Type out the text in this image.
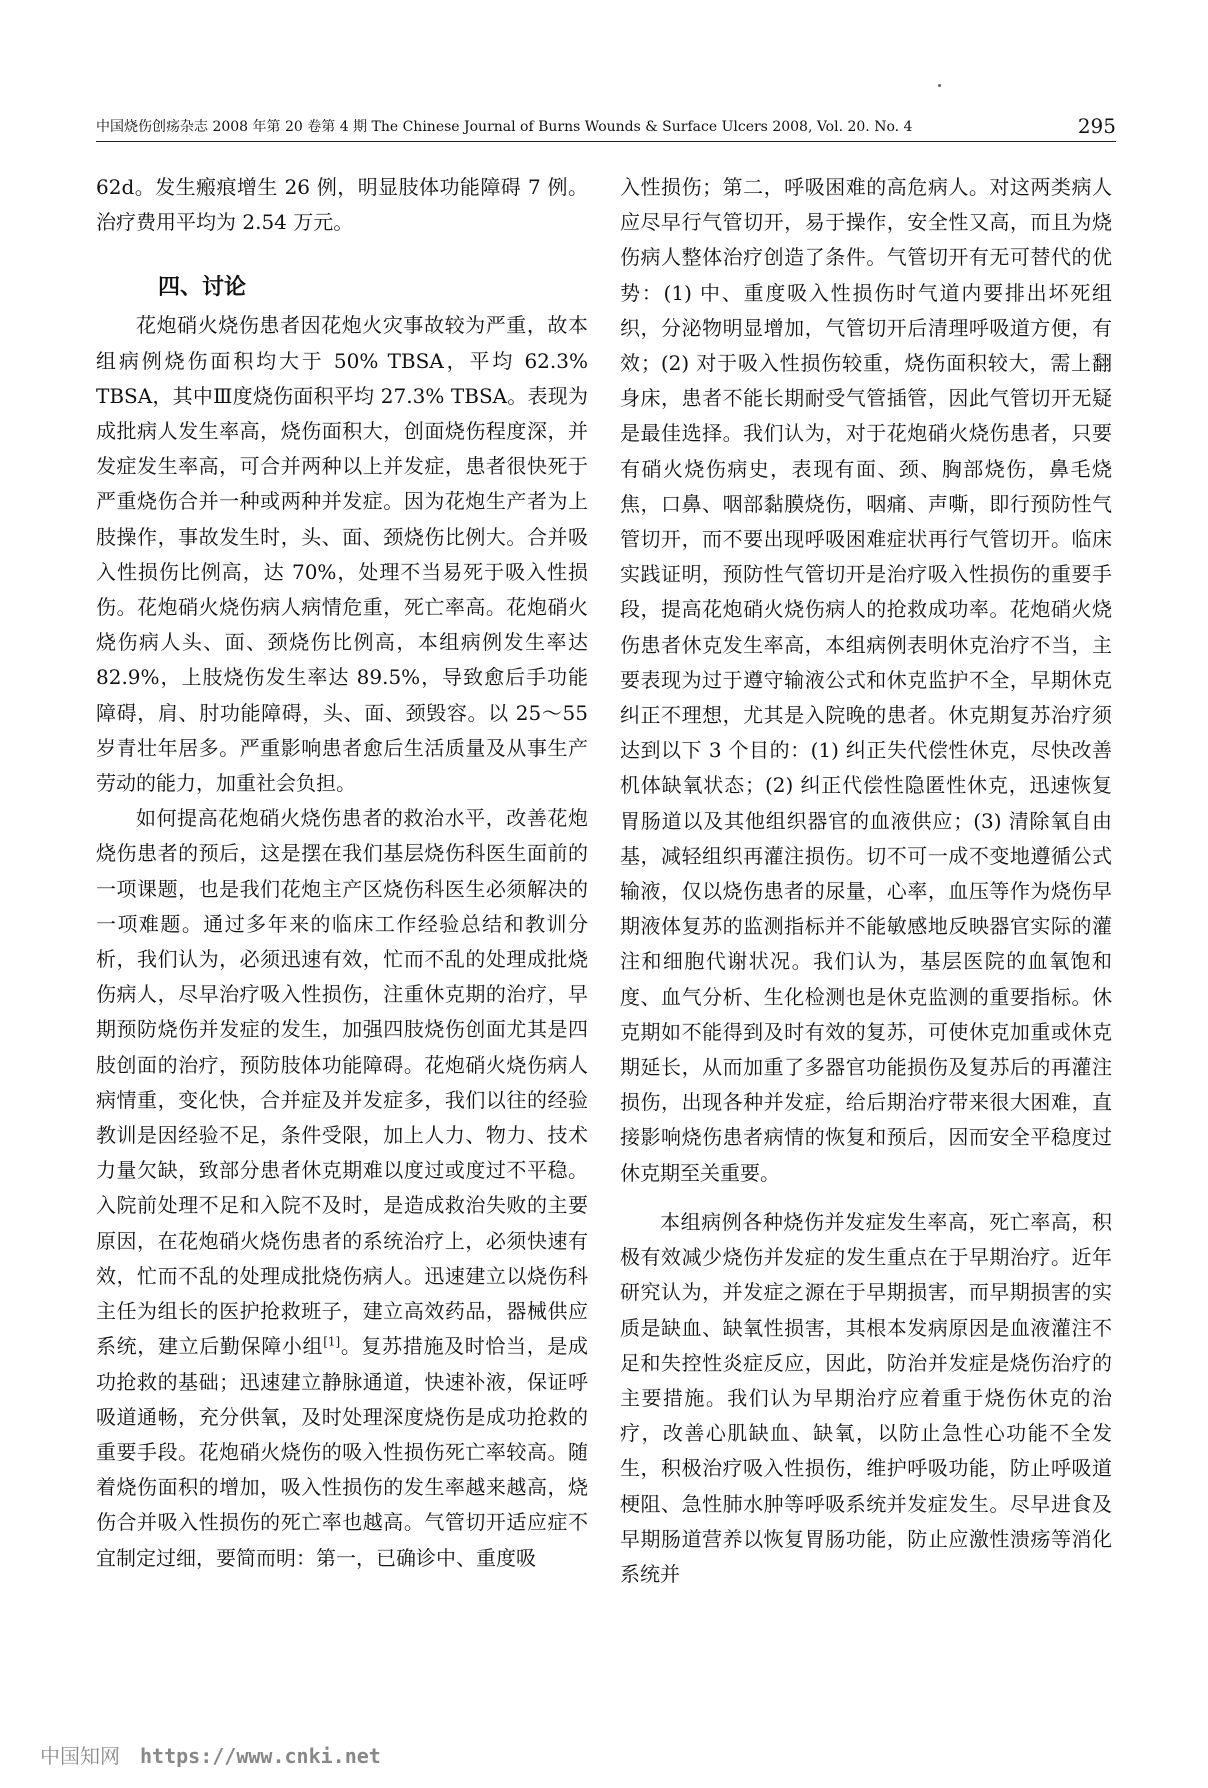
中国烧伤创疡杂志 2008 年第 20 卷第 4 期 The Chinese Journal of Burns Wounds & Surface Ulcers 2008, Vol. 20. No. 4	295

62d。发生瘢痕增生 26 例，明显肢体功能障碍 7 例。治疗费用平均为 2.54 万元。

四、讨论

花炮硝火烧伤患者因花炮火灾事故较为严重，故本组病例烧伤面积均大于 50% TBSA，平均 62.3% TBSA，其中Ⅲ度烧伤面积平均 27.3% TBSA。表现为成批病人发生率高，烧伤面积大，创面烧伤程度深，并发症发生率高，可合并两种以上并发症，患者很快死于严重烧伤合并一种或两种并发症。因为花炮生产者为上肢操作，事故发生时，头、面、颈烧伤比例大。合并吸入性损伤比例高，达 70%，处理不当易死于吸入性损伤。花炮硝火烧伤病人病情危重，死亡率高。花炮硝火烧伤病人头、面、颈烧伤比例高，本组病例发生率达 82.9%，上肢烧伤发生率达 89.5%，导致愈后手功能障碍，肩、肘功能障碍，头、面、颈毁容。以 25～55 岁青壮年居多。严重影响患者愈后生活质量及从事生产劳动的能力，加重社会负担。

如何提高花炮硝火烧伤患者的救治水平，改善花炮烧伤患者的预后，这是摆在我们基层烧伤科医生面前的一项课题，也是我们花炮主产区烧伤科医生必须解决的一项难题。通过多年来的临床工作经验总结和教训分析，我们认为，必须迅速有效，忙而不乱的处理成批烧伤病人，尽早治疗吸入性损伤，注重休克期的治疗，早期预防烧伤并发症的发生，加强四肢烧伤创面尤其是四肢创面的治疗，预防肢体功能障碍。花炮硝火烧伤病人病情重，变化快，合并症及并发症多，我们以往的经验教训是因经验不足，条件受限，加上人力、物力、技术力量欠缺，致部分患者休克期难以度过或度过不平稳。入院前处理不足和入院不及时，是造成救治失败的主要原因，在花炮硝火烧伤患者的系统治疗上，必须快速有效，忙而不乱的处理成批烧伤病人。迅速建立以烧伤科主任为组长的医护抢救班子，建立高效药品，器械供应系统，建立后勤保障小组[1]。复苏措施及时恰当，是成功抢救的基础；迅速建立静脉通道，快速补液，保证呼吸道通畅，充分供氧，及时处理深度烧伤是成功抢救的重要手段。花炮硝火烧伤的吸入性损伤死亡率较高。随着烧伤面积的增加，吸入性损伤的发生率越来越高，烧伤合并吸入性损伤的死亡率也越高。气管切开适应症不宜制定过细，要简而明：第一，已确诊中、重度吸

入性损伤；第二，呼吸困难的高危病人。对这两类病人应尽早行气管切开，易于操作，安全性又高，而且为烧伤病人整体治疗创造了条件。气管切开有无可替代的优势：(1) 中、重度吸入性损伤时气道内要排出坏死组织，分泌物明显增加，气管切开后清理呼吸道方便，有效；(2) 对于吸入性损伤较重，烧伤面积较大，需上翻身床，患者不能长期耐受气管插管，因此气管切开无疑是最佳选择。我们认为，对于花炮硝火烧伤患者，只要有硝火烧伤病史，表现有面、颈、胸部烧伤，鼻毛烧焦，口鼻、咽部黏膜烧伤，咽痛、声嘶，即行预防性气管切开，而不要出现呼吸困难症状再行气管切开。临床实践证明，预防性气管切开是治疗吸入性损伤的重要手段，提高花炮硝火烧伤病人的抢救成功率。花炮硝火烧伤患者休克发生率高，本组病例表明休克治疗不当，主要表现为过于遵守输液公式和休克监护不全，早期休克纠正不理想，尤其是入院晚的患者。休克期复苏治疗须达到以下 3 个目的：(1) 纠正失代偿性休克，尽快改善机体缺氧状态；(2) 纠正代偿性隐匿性休克，迅速恢复胃肠道以及其他组织器官的血液供应；(3) 清除氧自由基，减轻组织再灌注损伤。切不可一成不变地遵循公式输液，仅以烧伤患者的尿量，心率，血压等作为烧伤早期液体复苏的监测指标并不能敏感地反映器官实际的灌注和细胞代谢状况。我们认为，基层医院的血氧饱和度、血气分析、生化检测也是休克监测的重要指标。休克期如不能得到及时有效的复苏，可使休克加重或休克期延长，从而加重了多器官功能损伤及复苏后的再灌注损伤，出现各种并发症，给后期治疗带来很大困难，直接影响烧伤患者病情的恢复和预后，因而安全平稳度过休克期至关重要。

本组病例各种烧伤并发症发生率高，死亡率高，积极有效减少烧伤并发症的发生重点在于早期治疗。近年研究认为，并发症之源在于早期损害，而早期损害的实质是缺血、缺氧性损害，其根本发病原因是血液灌注不足和失控性炎症反应，因此，防治并发症是烧伤治疗的主要措施。我们认为早期治疗应着重于烧伤休克的治疗，改善心肌缺血、缺氧，以防止急性心功能不全发生，积极治疗吸入性损伤，维护呼吸功能，防止呼吸道梗阻、急性肺水肿等呼吸系统并发症发生。尽早进食及早期肠道营养以恢复胃肠功能，防止应激性溃疡等消化系统并

中国知网 https://www.cnki.net
